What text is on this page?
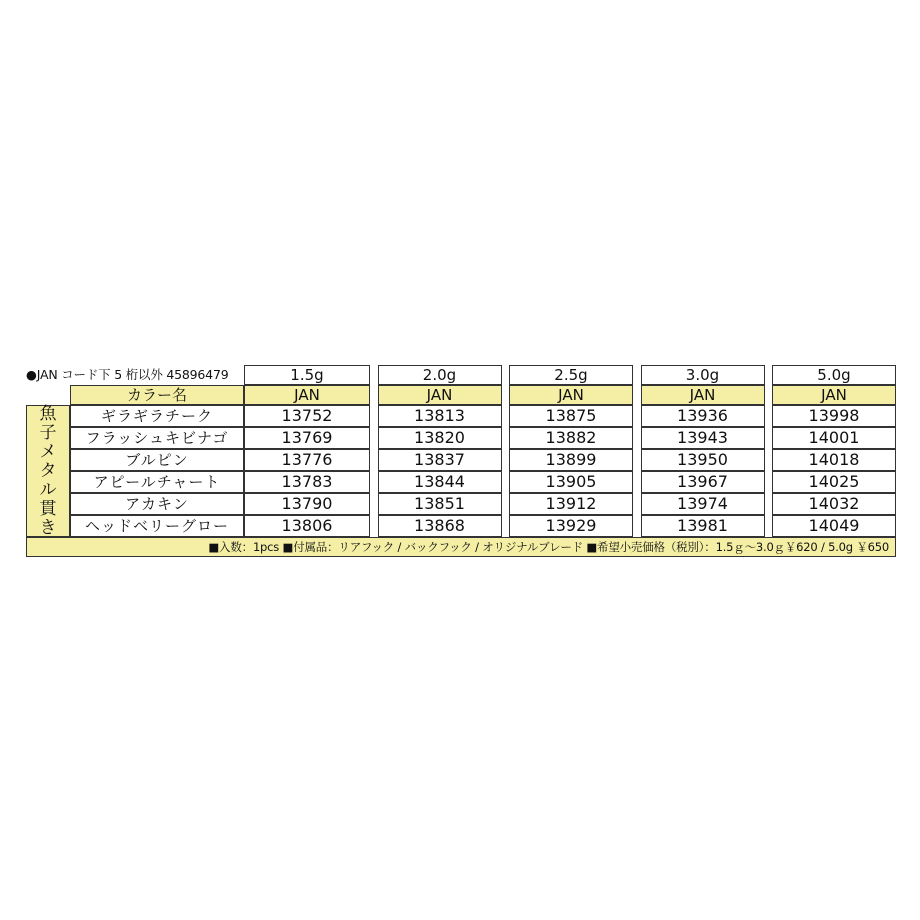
●JAN コード下 5 桁以外 45896479	1.5g	2.0g	2.5g	3.0g	5.0g
カラー名	JAN	JAN	JAN	JAN	JAN
魚
子
メ
タ
ル
貫
き
ギラギラチーク	13752	13813	13875	13936	13998
フラッシュキビナゴ	13769	13820	13882	13943	14001
ブルピン	13776	13837	13899	13950	14018
アピールチャート	13783	13844	13905	13967	14025
アカキン	13790	13851	13912	13974	14032
ヘッドベリーグロー	13806	13868	13929	13981	14049
■入数：1pcs ■付属品：リアフック / バックフック / オリジナルブレード ■希望小売価格（税別）：1.5ｇ〜3.0ｇ￥620 / 5.0g ￥650
